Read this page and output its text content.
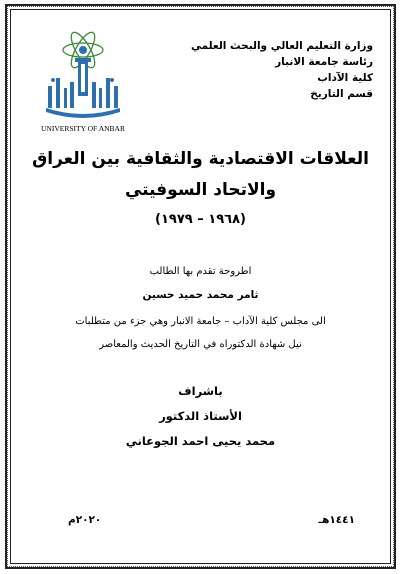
UNIVERSITY OF ANBAR
وزارة التعليم العالي والبحث العلمي
رئاسة جامعة الانبار
كلية الآداب
قسم التاريخ
العلاقات الاقتصادية والثقافية بين العراق
والاتحاد السوفيتي
(١٩٦٨ – ١٩٧٩)
اطروحة تقدم بها الطالب
ثامر محمد حميد حسين
الى مجلس كلية الآداب – جامعة الانبار وهي جزء من متطلبات
نيل شهادة الدكتوراه في التاريخ الحديث والمعاصر
باشراف
الأستاذ الدكتور
محمد يحيى احمد الجوعاني
١٤٤١هـ
٢٠٢٠م
